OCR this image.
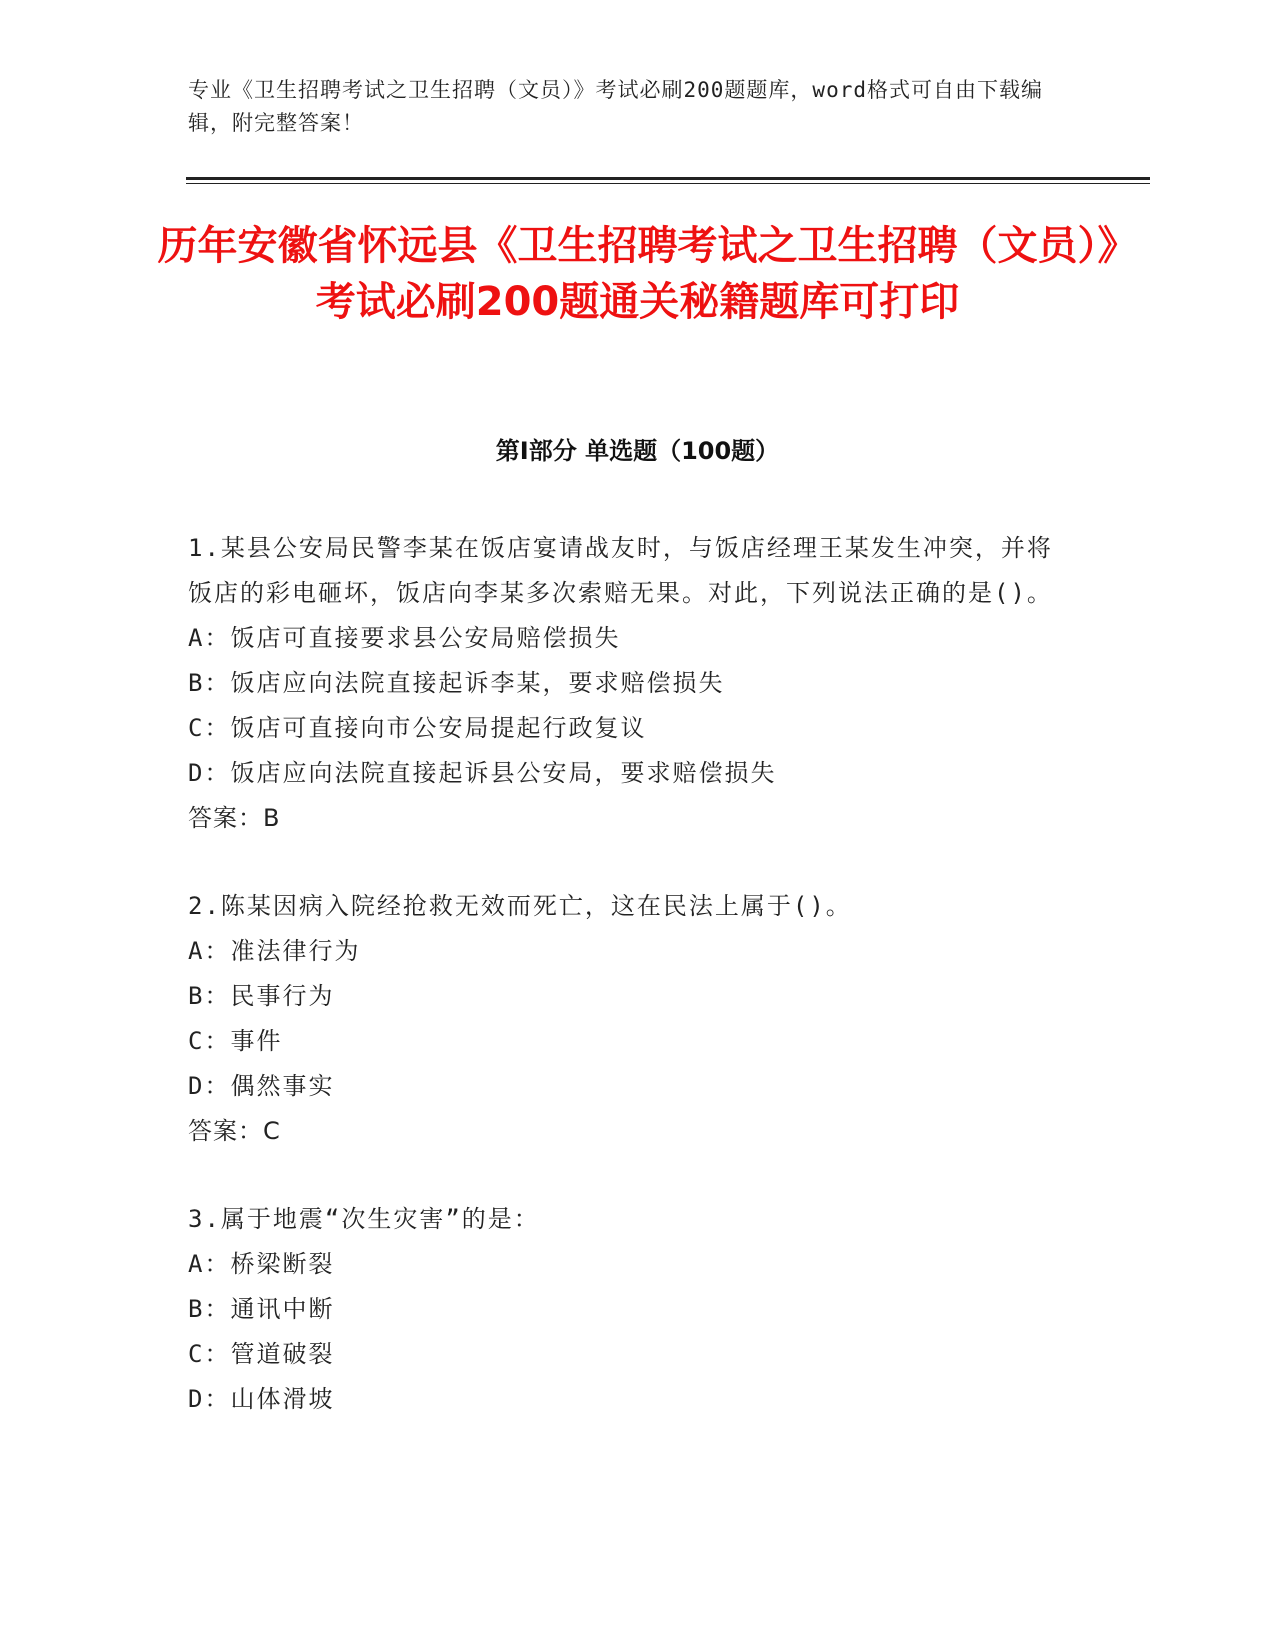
专业《卫生招聘考试之卫生招聘（文员）》考试必刷200题题库，word格式可自由下载编辑，附完整答案！
历年安徽省怀远县《卫生招聘考试之卫生招聘（文员）》考试必刷200题通关秘籍题库可打印
第Ⅰ部分 单选题（100题）
1.某县公安局民警李某在饭店宴请战友时，与饭店经理王某发生冲突，并将饭店的彩电砸坏，饭店向李某多次索赔无果。对此，下列说法正确的是()。
A：饭店可直接要求县公安局赔偿损失
B：饭店应向法院直接起诉李某，要求赔偿损失
C：饭店可直接向市公安局提起行政复议
D：饭店应向法院直接起诉县公安局，要求赔偿损失
答案：B
2.陈某因病入院经抢救无效而死亡，这在民法上属于()。
A：准法律行为
B：民事行为
C：事件
D：偶然事实
答案：C
3.属于地震“次生灾害”的是：
A：桥梁断裂
B：通讯中断
C：管道破裂
D：山体滑坡
